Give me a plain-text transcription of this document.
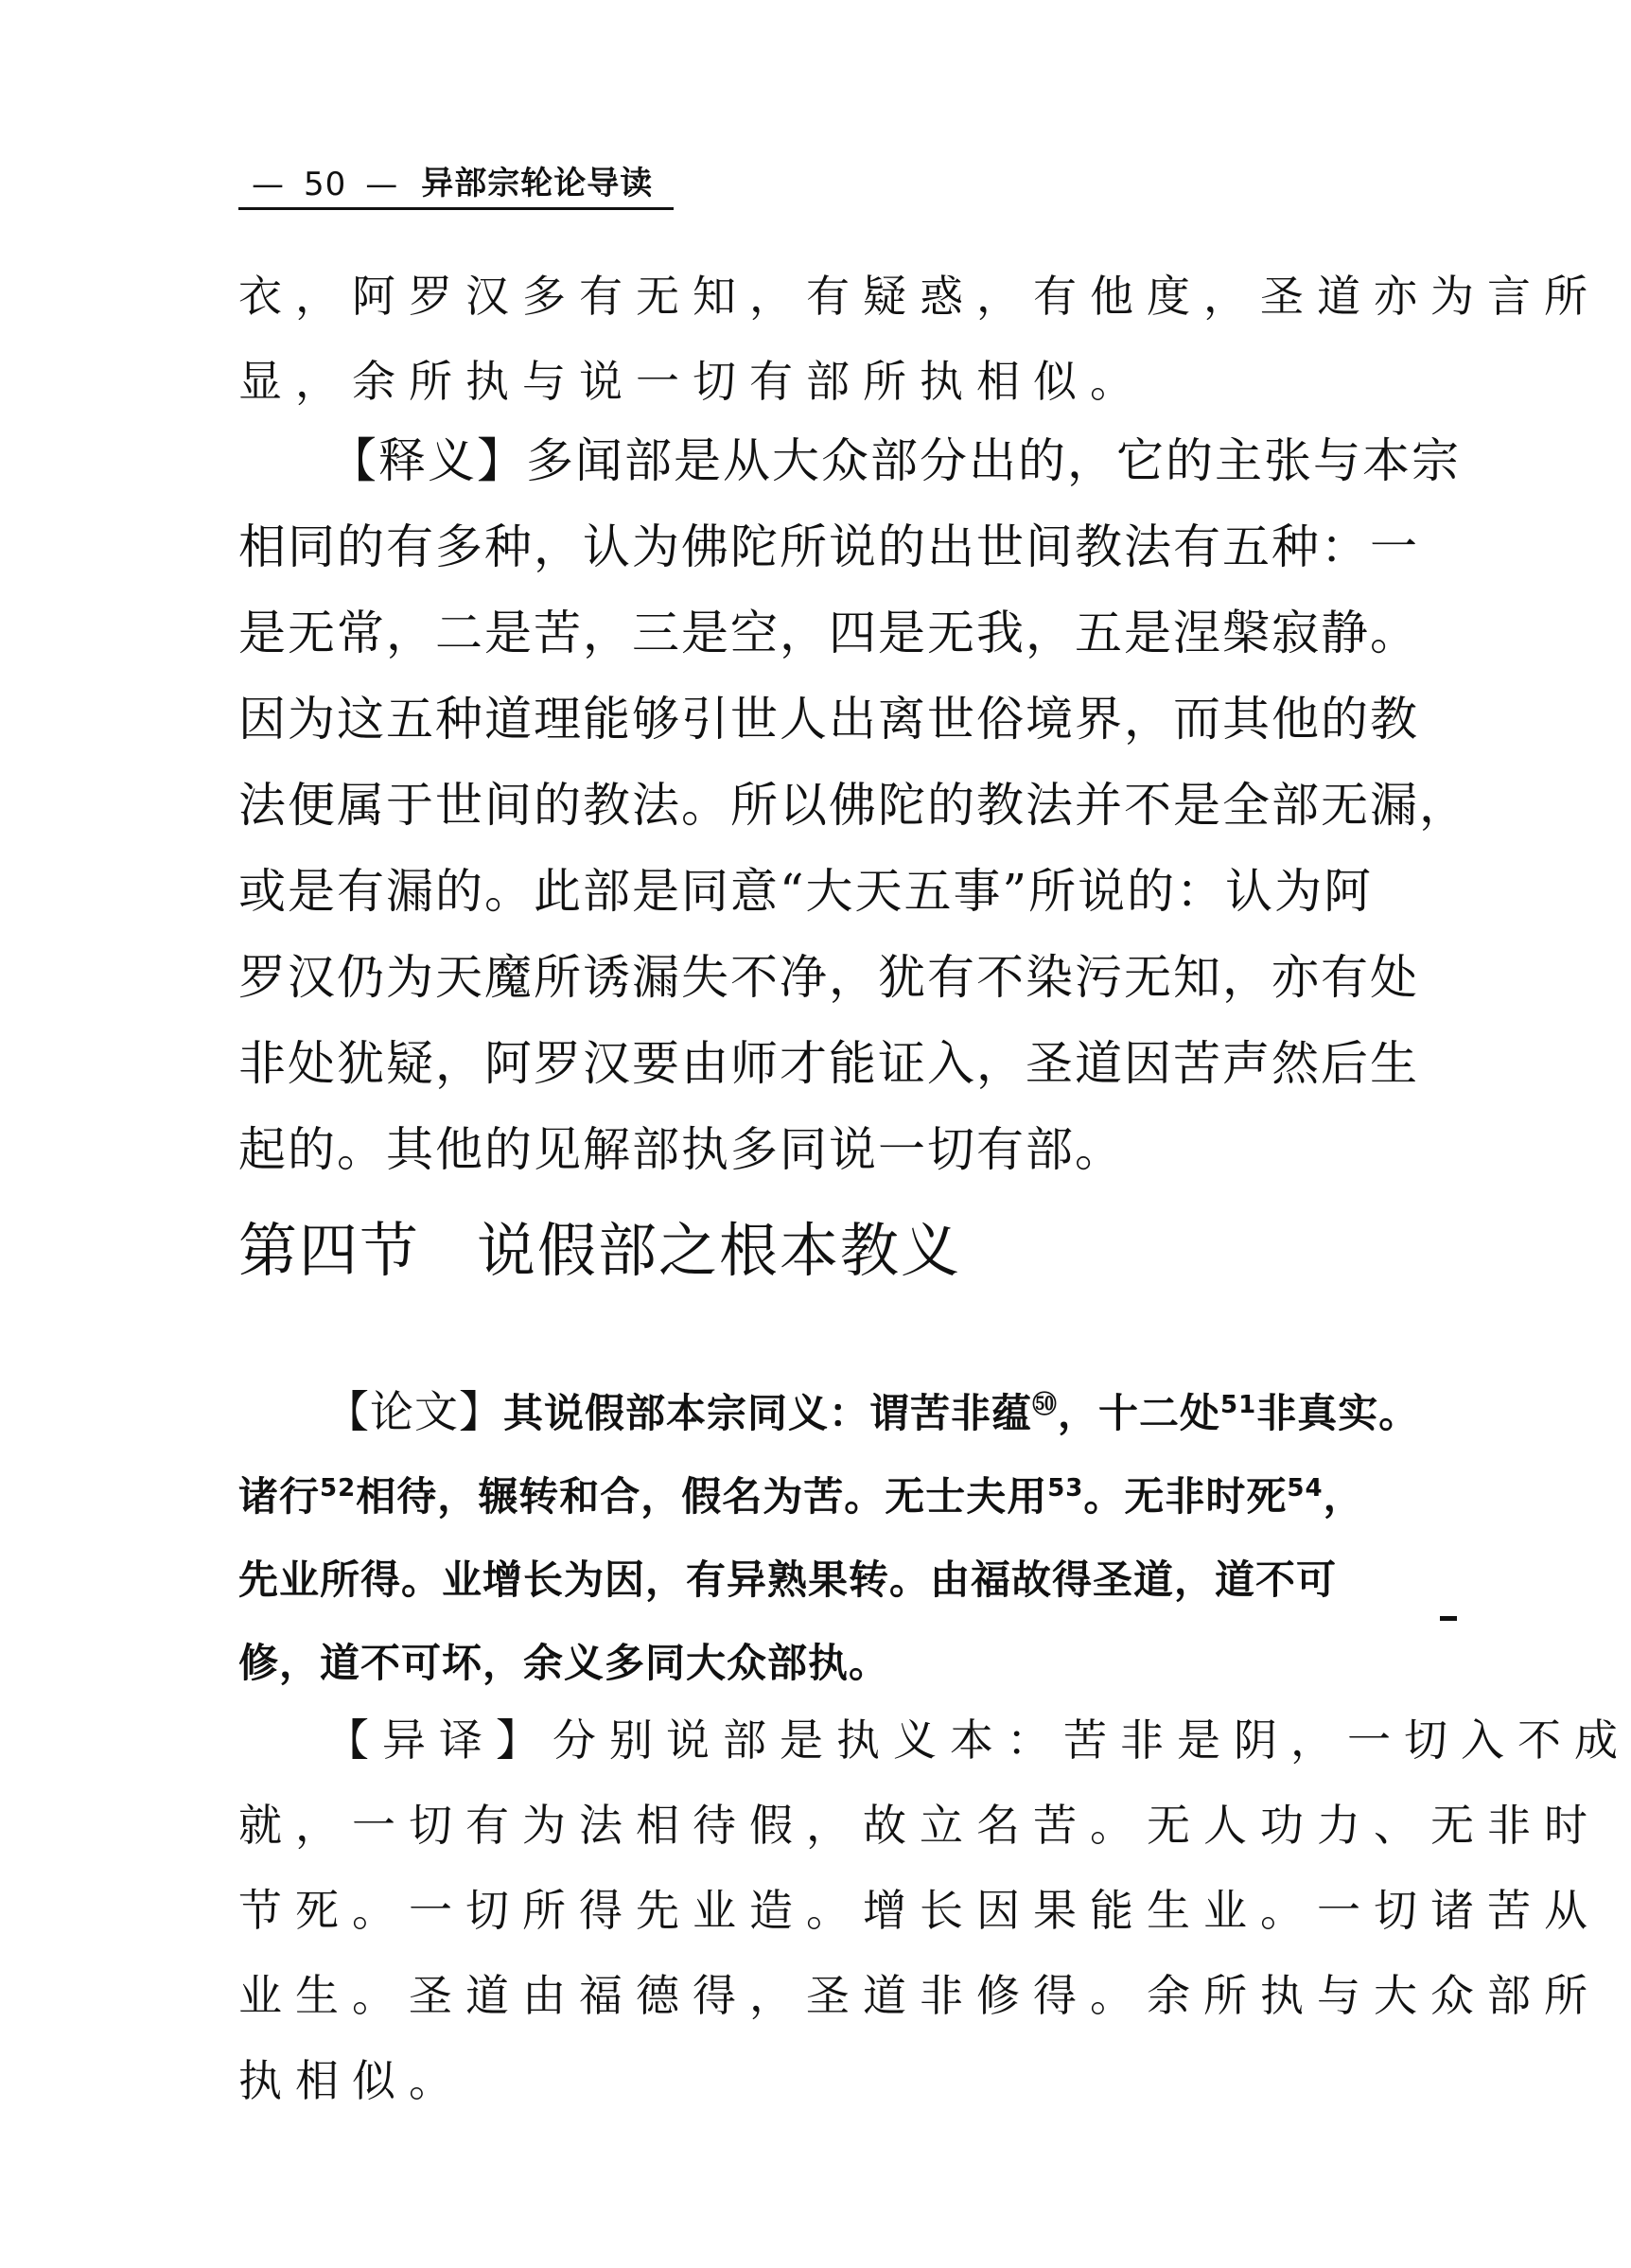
— 50 — 异部宗轮论导读
衣，阿罗汉多有无知，有疑惑，有他度，圣道亦为言所
显，余所执与说一切有部所执相似。
【释义】多闻部是从大众部分出的，它的主张与本宗
相同的有多种，认为佛陀所说的出世间教法有五种：一
是无常，二是苦，三是空，四是无我，五是涅槃寂静。
因为这五种道理能够引世人出离世俗境界，而其他的教
法便属于世间的教法。所以佛陀的教法并不是全部无漏，
或是有漏的。此部是同意“大天五事”所说的：认为阿
罗汉仍为天魔所诱漏失不净，犹有不染污无知，亦有处
非处犹疑，阿罗汉要由师才能证入，圣道因苦声然后生
起的。其他的见解部执多同说一切有部。
第四节 说假部之根本教义
【论文】其说假部本宗同义：谓苦非蕴$^㊿$，十二处$^{51}$非真实。
诸行$^{52}$相待，辗转和合，假名为苦。无士夫用$^{53}$。无非时死$^{54}$，
先业所得。业增长为因，有异熟果转。由福故得圣道，道不可
修，道不可坏，余义多同大众部执。
【异译】分别说部是执义本：苦非是阴，一切入不成
就，一切有为法相待假，故立名苦。无人功力、无非时
节死。一切所得先业造。增长因果能生业。一切诸苦从
业生。圣道由福德得，圣道非修得。余所执与大众部所
执相似。
